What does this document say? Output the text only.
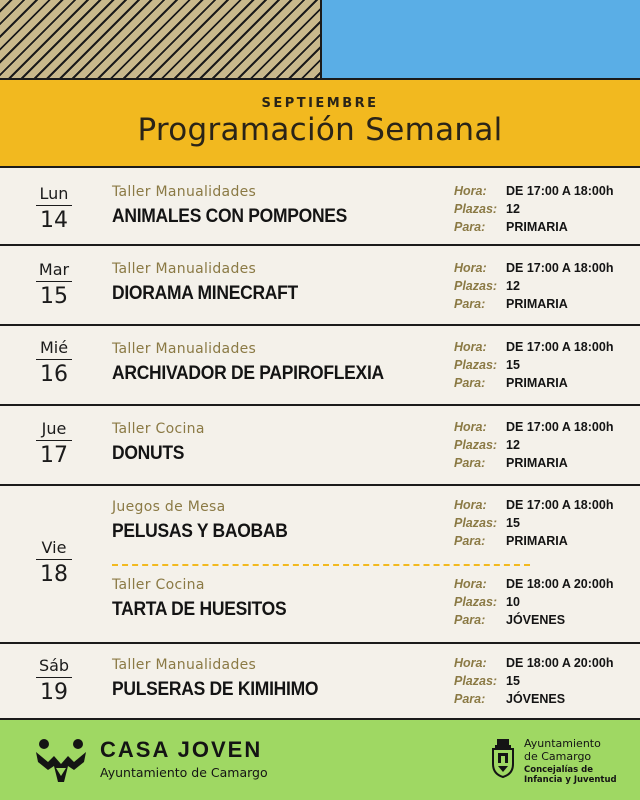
SEPTIEMBRE
Programación Semanal
Lun
14
Taller Manualidades
ANIMALES CON POMPONES
Hora: DE 17:00 A 18:00h
Plazas: 12
Para: PRIMARIA
Mar
15
Taller Manualidades
DIORAMA MINECRAFT
Hora: DE 17:00 A 18:00h
Plazas: 12
Para: PRIMARIA
Mié
16
Taller Manualidades
ARCHIVADOR DE PAPIROFLEXIA
Hora: DE 17:00 A 18:00h
Plazas: 15
Para: PRIMARIA
Jue
17
Taller Cocina
DONUTS
Hora: DE 17:00 A 18:00h
Plazas: 12
Para: PRIMARIA
Vie
18
Juegos de Mesa
PELUSAS Y BAOBAB
Hora: DE 17:00 A 18:00h
Plazas: 15
Para: PRIMARIA
Taller Cocina
TARTA DE HUESITOS
Hora: DE 18:00 A 20:00h
Plazas: 10
Para: JÓVENES
Sáb
19
Taller Manualidades
PULSERAS DE KIMIHIMO
Hora: DE 18:00 A 20:00h
Plazas: 15
Para: JÓVENES
CASA JOVEN
Ayuntamiento de Camargo
Ayuntamiento
de Camargo
Concejalías de
Infancia y Juventud
